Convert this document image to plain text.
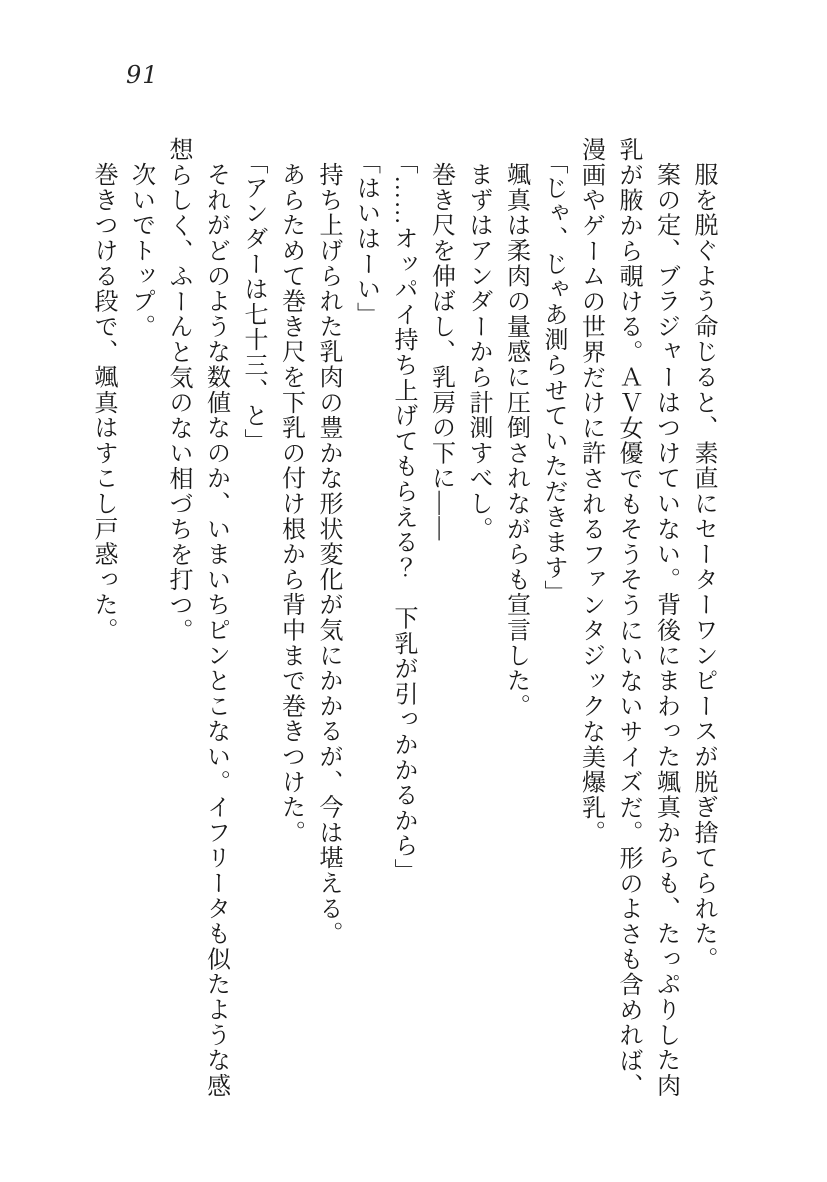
91

服を脱ぐよう命じると、素直にセーターワンピースが脱ぎ捨てられた。

案の定、ブラジャーはつけていない。背後にまわった颯真からも、たっぷりした肉

乳が腋から覗ける。ＡＶ女優でもそうそうにいないサイズだ。形のよさも含めれば、

漫画やゲームの世界だけに許されるファンタジックな美爆乳。

「じゃ、じゃあ測らせていただきます」

颯真は柔肉の量感に圧倒されながらも宣言した。

まずはアンダーから計測すべし。

巻き尺を伸ばし、乳房の下に――

「……オッパイ持ち上げてもらえる？　下乳が引っかかるから」

「はいはーい」

持ち上げられた乳肉の豊かな形状変化が気にかかるが、今は堪える。

あらためて巻き尺を下乳の付け根から背中まで巻きつけた。

「アンダーは七十三、と」

それがどのような数値なのか、いまいちピンとこない。イフリータも似たような感

想らしく、ふーんと気のない相づちを打つ。

次いでトップ。

巻きつける段で、颯真はすこし戸惑った。
